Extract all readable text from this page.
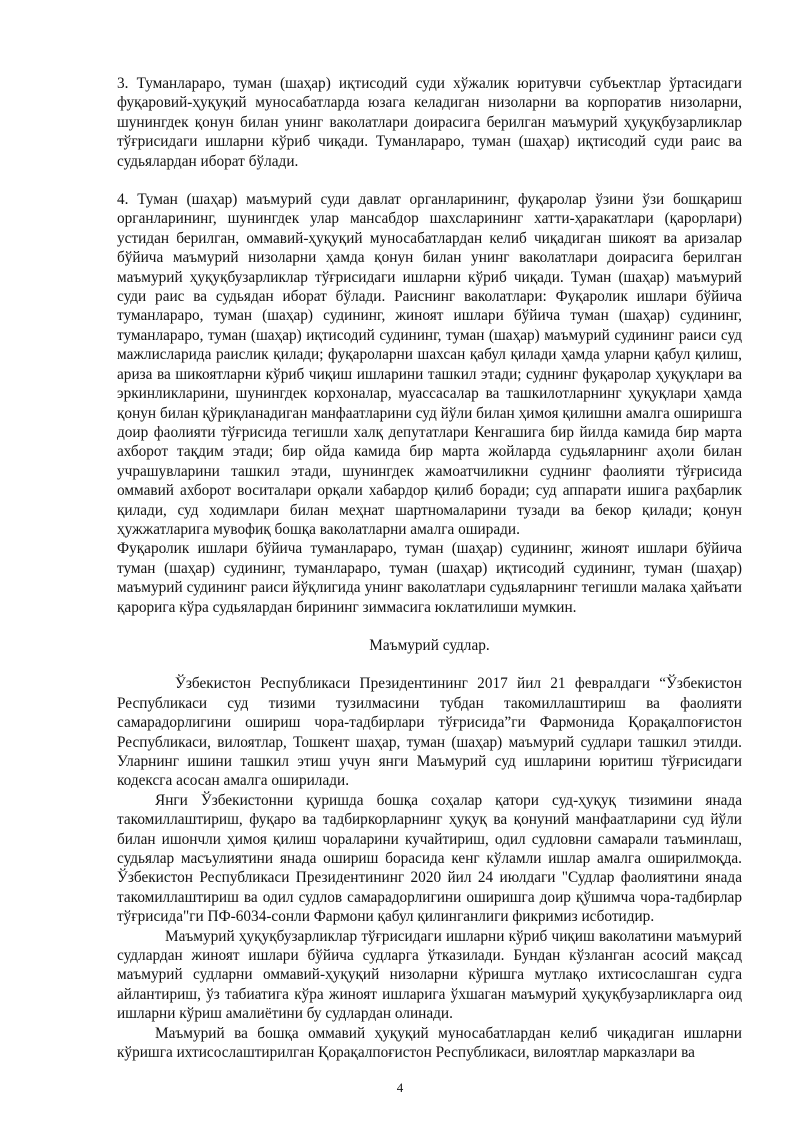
3. Туманлараро, туман (шаҳар) иқтисодий суди хўжалик юритувчи субъектлар ўртасидаги фуқаровий-ҳуқуқий муносабатларда юзага келадиган низоларни ва корпоратив низоларни, шунингдек қонун билан унинг ваколатлари доирасига берилган маъмурий ҳуқуқбузарликлар тўғрисидаги ишларни кўриб чиқади. Туманлараро, туман (шаҳар) иқтисодий суди раис ва судьялардан иборат бўлади.

4. Туман (шаҳар) маъмурий суди давлат органларининг, фуқаролар ўзини ўзи бошқариш органларининг, шунингдек улар мансабдор шахсларининг хатти-ҳаракатлари (қарорлари) устидан берилган, оммавий-ҳуқуқий муносабатлардан келиб чиқадиган шикоят ва аризалар бўйича маъмурий низоларни ҳамда қонун билан унинг ваколатлари доирасига берилган маъмурий ҳуқуқбузарликлар тўғрисидаги ишларни кўриб чиқади. Туман (шаҳар) маъмурий суди раис ва судьядан иборат бўлади. Раиснинг ваколатлари: Фуқаролик ишлари бўйича туманлараро, туман (шаҳар) судининг, жиноят ишлари бўйича туман (шаҳар) судининг, туманлараро, туман (шаҳар) иқтисодий судининг, туман (шаҳар) маъмурий судининг раиси суд мажлисларида раислик қилади; фуқароларни шахсан қабул қилади ҳамда уларни қабул қилиш, ариза ва шикоятларни кўриб чиқиш ишларини ташкил этади; суднинг фуқаролар ҳуқуқлари ва эркинликларини, шунингдек корхоналар, муассасалар ва ташкилотларнинг ҳуқуқлари ҳамда қонун билан қўриқланадиган манфаатларини суд йўли билан ҳимоя қилишни амалга оширишга доир фаолияти тўғрисида тегишли халқ депутатлари Кенгашига бир йилда камида бир марта ахборот тақдим этади; бир ойда камида бир марта жойларда судьяларнинг аҳоли билан учрашувларини ташкил этади, шунингдек жамоатчиликни суднинг фаолияти тўғрисида оммавий ахборот воситалари орқали хабардор қилиб боради; суд аппарати ишига раҳбарлик қилади, суд ходимлари билан меҳнат шартномаларини тузади ва бекор қилади; қонун ҳужжатларига мувофиқ бошқа ваколатларни амалга оширади.

Фуқаролик ишлари бўйича туманлараро, туман (шаҳар) судининг, жиноят ишлари бўйича туман (шаҳар) судининг, туманлараро, туман (шаҳар) иқтисодий судининг, туман (шаҳар) маъмурий судининг раиси йўқлигида унинг ваколатлари судьяларнинг тегишли малака ҳайъати қарорига кўра судьялардан бирининг зиммасига юклатилиши мумкин.

Маъмурий судлар.

Ўзбекистон Республикаси Президентининг 2017 йил 21 февралдаги “Ўзбекистон Республикаси суд тизими тузилмасини тубдан такомиллаштириш ва фаолияти самарадорлигини ошириш чора-тадбирлари тўғрисида”ги Фармонида Қорақалпоғистон Республикаси, вилоятлар, Тошкент шаҳар, туман (шаҳар) маъмурий судлари ташкил этилди. Уларнинг ишини ташкил этиш учун янги Маъмурий суд ишларини юритиш тўғрисидаги кодексга асосан амалга оширилади.

Янги Ўзбекистонни қуришда бошқа соҳалар қатори суд-ҳуқуқ тизимини янада такомиллаштириш, фуқаро ва тадбиркорларнинг ҳуқуқ ва қонуний манфаатларини суд йўли билан ишончли ҳимоя қилиш чораларини кучайтириш, одил судловни самарали таъминлаш, судьялар масъулиятини янада ошириш борасида кенг кўламли ишлар амалга оширилмоқда. Ўзбекистон Республикаси Президентининг 2020 йил 24 июлдаги "Судлар фаолиятини янада такомиллаштириш ва одил судлов самарадорлигини оширишга доир қўшимча чора-тадбирлар тўғрисида"ги ПФ-6034-сонли Фармони қабул қилинганлиги фикримиз исботидир.

Маъмурий ҳуқуқбузарликлар тўғрисидаги ишларни кўриб чиқиш ваколатини маъмурий судлардан жиноят ишлари бўйича судларга ўтказилади. Бундан кўзланган асосий мақсад маъмурий судларни оммавий-ҳуқуқий низоларни кўришга мутлақо ихтисослашган судга айлантириш, ўз табиатига кўра жиноят ишларига ўхшаган маъмурий ҳуқуқбузарликларга оид ишларни кўриш амалиётини бу судлардан олинади.

Маъмурий ва бошқа оммавий ҳуқуқий муносабатлардан келиб чиқадиган ишларни кўришга ихтисослаштирилган Қорақалпоғистон Республикаси, вилоятлар марказлари ва

4
